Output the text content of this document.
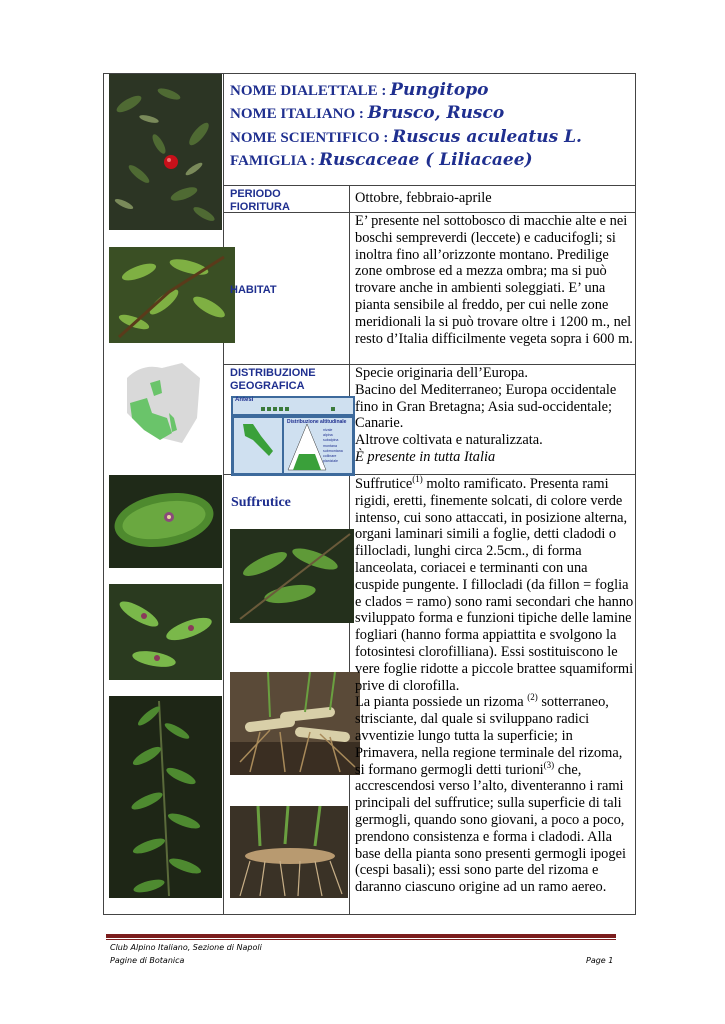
Antesi
Distribuzione altitudinale
nivale
alpina
subalpina
montana
submontana
collinare
planiziale
NOME DIALETTALE : Pungitopo
NOME ITALIANO : Brusco, Rusco
NOME SCIENTIFICO : Ruscus aculeatus L.
FAMIGLIA : Ruscaceae ( Liliacaee)
PERIODO
FIORITURA
Ottobre, febbraio-aprile
HABITAT
E’ presente nel sottobosco di macchie alte e nei boschi sempreverdi (leccete) e caducifogli; si inoltra fino all’orizzonte montano. Predilige zone ombrose ed a mezza ombra; ma si può trovare anche in ambienti soleggiati. E’ una pianta sensibile al freddo, per cui nelle zone meridionali la si può trovare oltre i 1200 m., nel resto d’Italia difficilmente vegeta sopra i 600 m.
DISTRIBUZIONE
GEOGRAFICA

Specie originaria dell’Europa.

Bacino del Mediterraneo; Europa occidentale fino in Gran Bretagna; Asia sud-occidentale; Canarie.

Altrove coltivata e naturalizzata.

È presente in tutta Italia

Suffrutice

Suffrutice$^{(1)}$ molto ramificato. Presenta rami rigidi, eretti, finemente solcati, di colore verde intenso, cui sono attaccati, in posizione alterna, organi laminari simili a foglie, detti cladodi o fillocladi, lunghi circa 2.5cm., di forma lanceolata, coriacei e terminanti con una cuspide pungente. I fillocladi (da fillon = foglia e clados = ramo) sono rami secondari che hanno sviluppato forma e funzioni tipiche delle lamine fogliari (hanno forma appiattita e svolgono la fotosintesi clorofilliana). Essi sostituiscono le vere foglie ridotte a piccole brattee squamiformi prive di clorofilla.

La pianta possiede un rizoma $^{(2)}$ sotterraneo, strisciante, dal quale si sviluppano radici avventizie lungo tutta la superficie; in Primavera, nella regione terminale del rizoma, si formano germogli detti turioni$^{(3)}$ che, accrescendosi verso l’alto, diventeranno i rami principali del suffrutice; sulla superficie di tali germogli, quando sono giovani, a poco a poco, prendono consistenza e forma i cladodi. Alla base della pianta sono presenti germogli ipogei (cespi basali); essi sono parte del rizoma e daranno ciascuno origine ad un ramo aereo.

Club Alpino Italiano, Sezione di Napoli
Pagine di Botanica	Page 1
